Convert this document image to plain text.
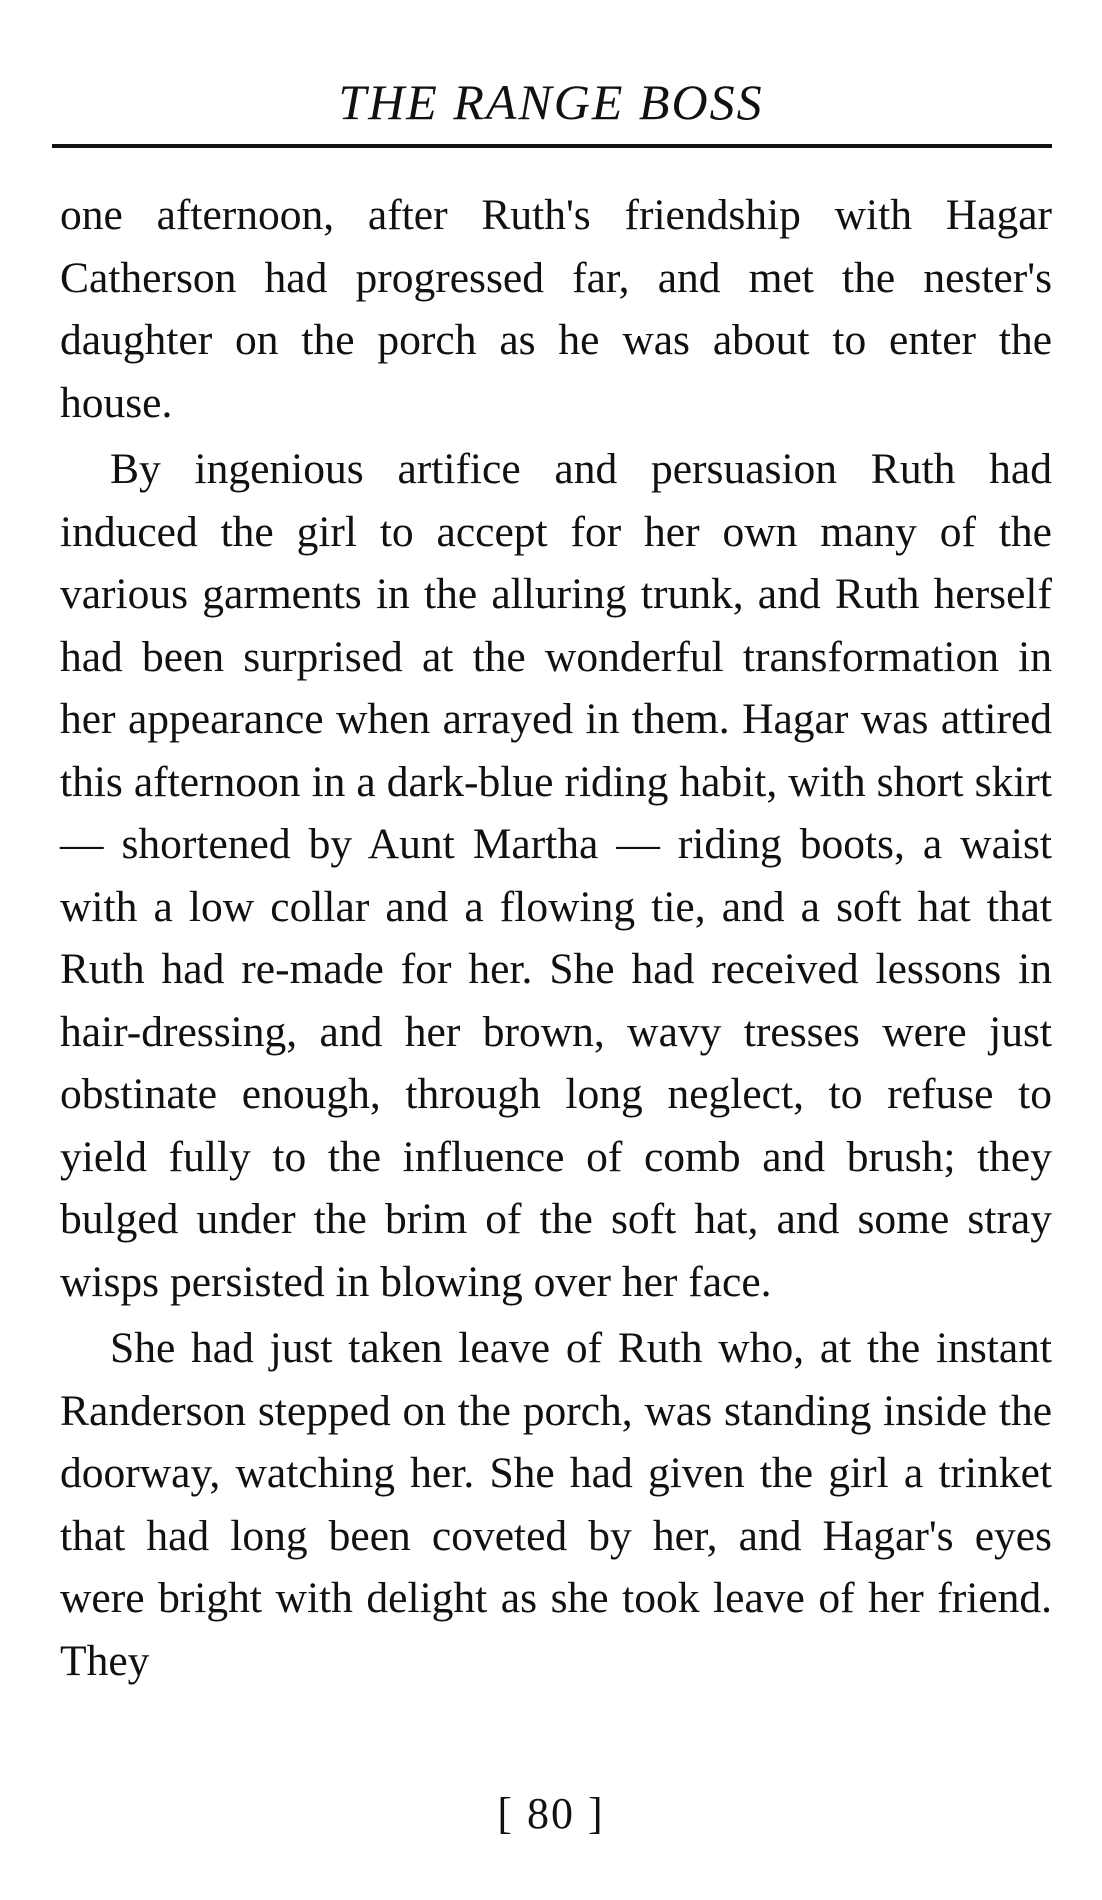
THE RANGE BOSS

one afternoon, after Ruth's friendship with Hagar Catherson had progressed far, and met the nester's daughter on the porch as he was about to enter the house.

By ingenious artifice and persuasion Ruth had induced the girl to accept for her own many of the various garments in the alluring trunk, and Ruth herself had been surprised at the wonderful transformation in her appearance when arrayed in them. Hagar was attired this afternoon in a dark-blue riding habit, with short skirt — shortened by Aunt Martha — riding boots, a waist with a low collar and a flowing tie, and a soft hat that Ruth had re-made for her. She had received lessons in hair-dressing, and her brown, wavy tresses were just obstinate enough, through long neglect, to refuse to yield fully to the influence of comb and brush; they bulged under the brim of the soft hat, and some stray wisps persisted in blowing over her face.

She had just taken leave of Ruth who, at the instant Randerson stepped on the porch, was standing inside the doorway, watching her. She had given the girl a trinket that had long been coveted by her, and Hagar's eyes were bright with delight as she took leave of her friend. They

[ 80 ]
